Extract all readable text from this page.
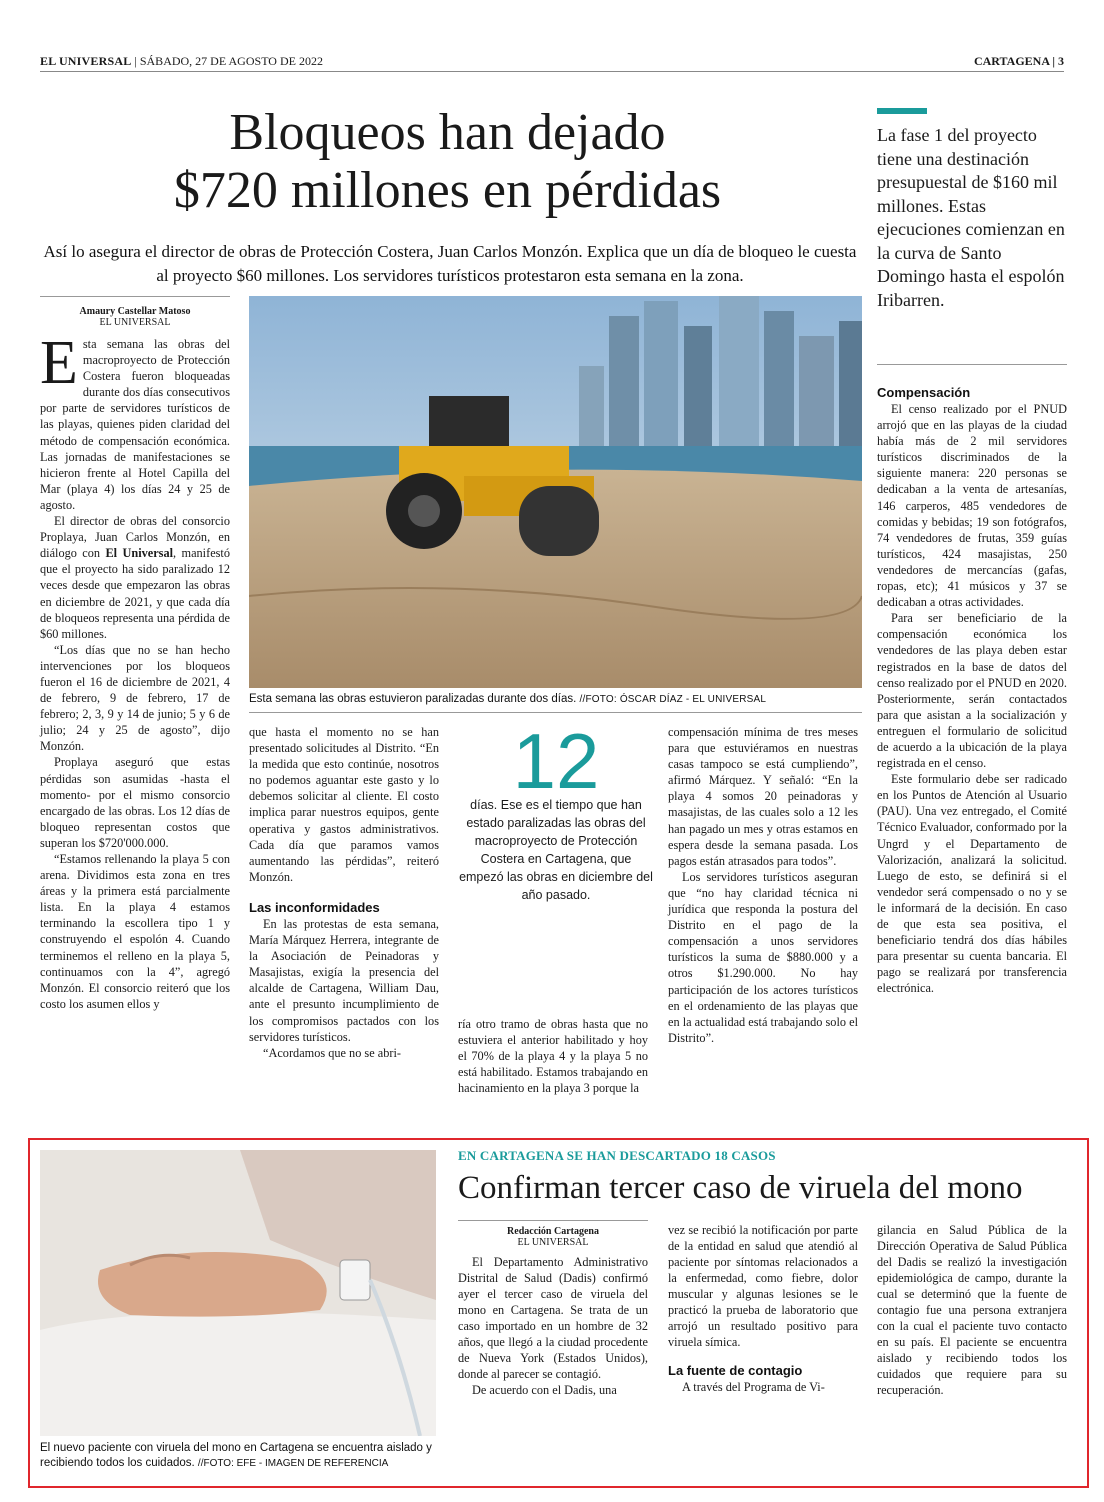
EL UNIVERSAL | SÁBADO, 27 DE AGOSTO DE 2022	CARTAGENA | 3
Bloqueos han dejado
$720 millones en pérdidas
Así lo asegura el director de obras de Protección Costera, Juan Carlos Monzón. Explica que un día de bloqueo le cuesta al proyecto $60 millones. Los servidores turísticos protestaron esta semana en la zona.
La fase 1 del proyecto tiene una destinación presupuestal de $160 mil millones. Estas ejecuciones comienzan en la curva de Santo Domingo hasta el espolón Iribarren.
Amaury Castellar Matoso
EL UNIVERSAL

Esta semana las obras del macroproyecto de Protección Costera fueron bloqueadas durante dos días consecutivos por parte de servidores turísticos de las playas, quienes piden claridad del método de compensación económica. Las jornadas de manifestaciones se hicieron frente al Hotel Capilla del Mar (playa 4) los días 24 y 25 de agosto.

El director de obras del consorcio Proplaya, Juan Carlos Monzón, en diálogo con El Universal, manifestó que el proyecto ha sido paralizado 12 veces desde que empezaron las obras en diciembre de 2021, y que cada día de bloqueos representa una pérdida de $60 millones.

“Los días que no se han hecho intervenciones por los bloqueos fueron el 16 de diciembre de 2021, 4 de febrero, 9 de febrero, 17 de febrero; 2, 3, 9 y 14 de junio; 5 y 6 de julio; 24 y 25 de agosto”, dijo Monzón.

Proplaya aseguró que estas pérdidas son asumidas -hasta el momento- por el mismo consorcio encargado de las obras. Los 12 días de bloqueo representan costos que superan los $720'000.000.

“Estamos rellenando la playa 5 con arena. Dividimos esta zona en tres áreas y la primera está parcialmente lista. En la playa 4 estamos terminando la escollera tipo 1 y construyendo el espolón 4. Cuando terminemos el relleno en la playa 5, continuamos con la 4”, agregó Monzón. El consorcio reiteró que los costo los asumen ellos y

Esta semana las obras estuvieron paralizadas durante dos días. //FOTO: ÓSCAR DÍAZ - EL UNIVERSAL

que hasta el momento no se han presentado solicitudes al Distrito. “En la medida que esto continúe, nosotros no podemos aguantar este gasto y lo debemos solicitar al cliente. El costo implica parar nuestros equipos, gente operativa y gastos administrativos. Cada día que paramos vamos aumentando las pérdidas”, reiteró Monzón.

Las inconformidades

En las protestas de esta semana, María Márquez Herrera, integrante de la Asociación de Peinadoras y Masajistas, exigía la presencia del alcalde de Cartagena, William Dau, ante el presunto incumplimiento de los compromisos pactados con los servidores turísticos.

“Acordamos que no se abri-

12
días. Ese es el tiempo que han estado paralizadas las obras del macroproyecto de Protección Costera en Cartagena, que empezó las obras en diciembre del año pasado.

ría otro tramo de obras hasta que no estuviera el anterior habilitado y hoy el 70% de la playa 4 y la playa 5 no está habilitado. Estamos trabajando en hacinamiento en la playa 3 porque la

compensación mínima de tres meses para que estuviéramos en nuestras casas tampoco se está cumpliendo”, afirmó Márquez. Y señaló: “En la playa 4 somos 20 peinadoras y masajistas, de las cuales solo a 12 les han pagado un mes y otras estamos en espera desde la semana pasada. Los pagos están atrasados para todos”.

Los servidores turísticos aseguran que “no hay claridad técnica ni jurídica que responda la postura del Distrito en el pago de la compensación a unos servidores turísticos la suma de $880.000 y a otros $1.290.000. No hay participación de los actores turísticos en el ordenamiento de las playas que en la actualidad está trabajando solo el Distrito”.

Compensación

El censo realizado por el PNUD arrojó que en las playas de la ciudad había más de 2 mil servidores turísticos discriminados de la siguiente manera: 220 personas se dedicaban a la venta de artesanías, 146 carperos, 485 vendedores de comidas y bebidas; 19 son fotógrafos, 74 vendedores de frutas, 359 guías turísticos, 424 masajistas, 250 vendedores de mercancías (gafas, ropas, etc); 41 músicos y 37 se dedicaban a otras actividades.

Para ser beneficiario de la compensación económica los vendedores de las playa deben estar registrados en la base de datos del censo realizado por el PNUD en 2020. Posteriormente, serán contactados para que asistan a la socialización y entreguen el formulario de solicitud de acuerdo a la ubicación de la playa registrada en el censo.

Este formulario debe ser radicado en los Puntos de Atención al Usuario (PAU). Una vez entregado, el Comité Técnico Evaluador, conformado por la Ungrd y el Departamento de Valorización, analizará la solicitud. Luego de esto, se definirá si el vendedor será compensado o no y se le informará de la decisión. En caso de que esta sea positiva, el beneficiario tendrá dos días hábiles para presentar su cuenta bancaria. El pago se realizará por transferencia electrónica.

El nuevo paciente con viruela del mono en Cartagena se encuentra aislado y recibiendo todos los cuidados. //FOTO: EFE - IMAGEN DE REFERENCIA
EN CARTAGENA SE HAN DESCARTADO 18 CASOS
Confirman tercer caso de viruela del mono
Redacción Cartagena
EL UNIVERSAL

El Departamento Administrativo Distrital de Salud (Dadis) confirmó ayer el tercer caso de viruela del mono en Cartagena. Se trata de un caso importado en un hombre de 32 años, que llegó a la ciudad procedente de Nueva York (Estados Unidos), donde al parecer se contagió.

De acuerdo con el Dadis, una

vez se recibió la notificación por parte de la entidad en salud que atendió al paciente por síntomas relacionados a la enfermedad, como fiebre, dolor muscular y algunas lesiones se le practicó la prueba de laboratorio que arrojó un resultado positivo para viruela símica.

La fuente de contagio

A través del Programa de Vi-

gilancia en Salud Pública de la Dirección Operativa de Salud Pública del Dadis se realizó la investigación epidemiológica de campo, durante la cual se determinó que la fuente de contagio fue una persona extranjera con la cual el paciente tuvo contacto en su país. El paciente se encuentra aislado y recibiendo todos los cuidados que requiere para su recuperación.
